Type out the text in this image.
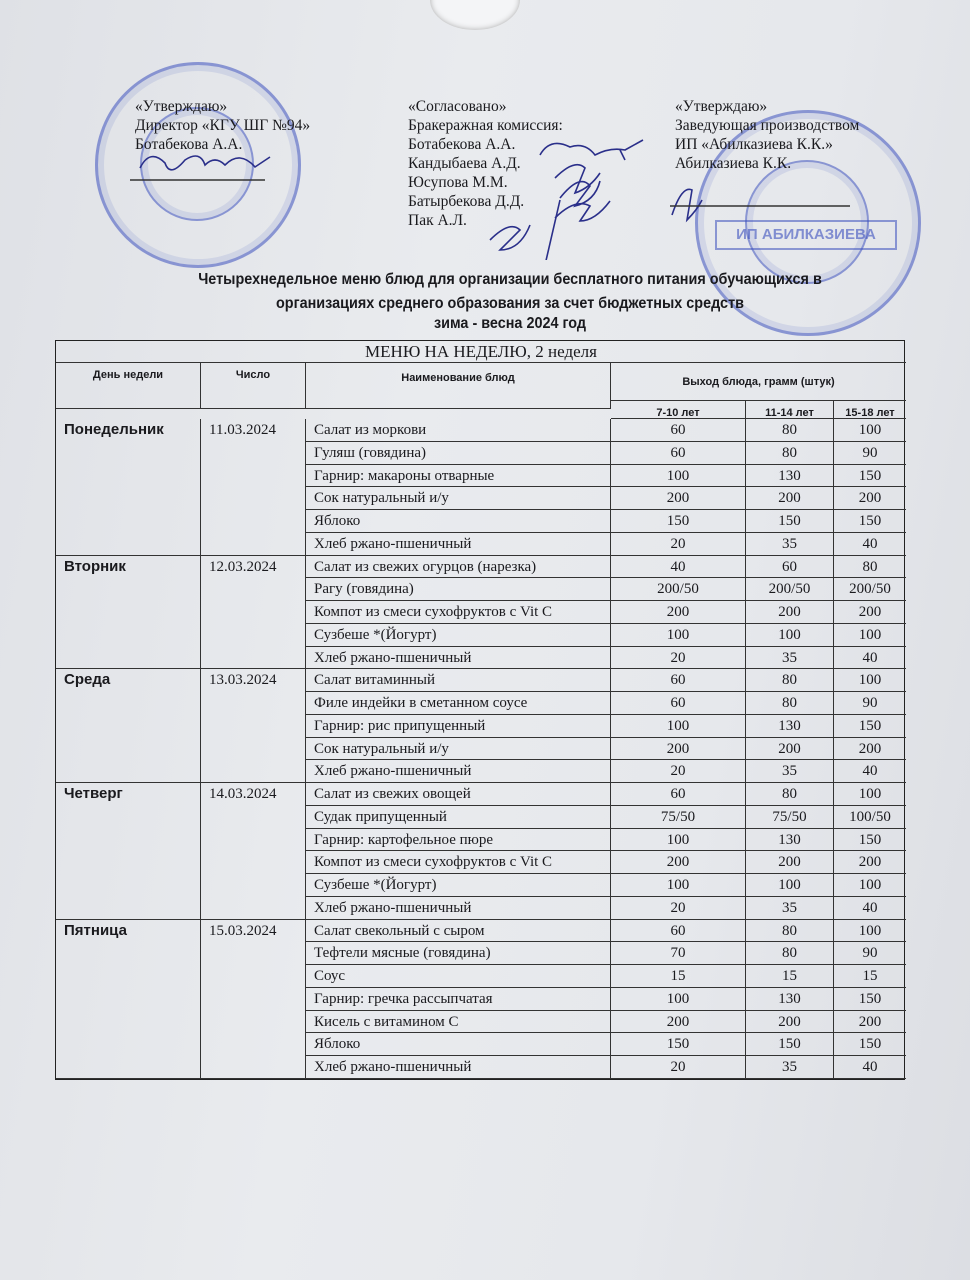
ИП АБИЛКАЗИЕВА
«Утверждаю»
Директор «КГУ ШГ №94»
Ботабекова А.А.
«Согласовано»
Бракеражная комиссия:
Ботабекова А.А.
Кандыбаева А.Д.
Юсупова М.М.
Батырбекова Д.Д.
Пак А.Л.
«Утверждаю»
Заведующая производством
ИП «Абилказиева К.К.»
Абилказиева К.К.
Четырехнедельное меню блюд для организации бесплатного питания обучающихся в
организациях среднего образования за счет бюджетных средств
зима - весна 2024 год
МЕНЮ НА НЕДЕЛЮ, 2 неделя
День недели	Число	Наименование блюд	Выход блюда, грамм (штук)
7-10 лет	11-14 лет	15-18 лет
Понедельник	11.03.2024	Салат из моркови	60	80	100
Гуляш (говядина)	60	80	90
Гарнир: макароны отварные	100	130	150
Сок натуральный и/у	200	200	200
Яблоко	150	150	150
Хлеб ржано-пшеничный	20	35	40
Вторник	12.03.2024	Салат из свежих огурцов (нарезка)	40	60	80
Рагу (говядина)	200/50	200/50	200/50
Компот из смеси сухофруктов с Vit C	200	200	200
Сузбеше *(Йогурт)	100	100	100
Хлеб ржано-пшеничный	20	35	40
Среда	13.03.2024	Салат витаминный	60	80	100
Филе индейки в сметанном соусе	60	80	90
Гарнир: рис припущенный	100	130	150
Сок натуральный и/у	200	200	200
Хлеб ржано-пшеничный	20	35	40
Четверг	14.03.2024	Салат из свежих овощей	60	80	100
Судак припущенный	75/50	75/50	100/50
Гарнир: картофельное пюре	100	130	150
Компот из смеси сухофруктов с Vit C	200	200	200
Сузбеше *(Йогурт)	100	100	100
Хлеб ржано-пшеничный	20	35	40
Пятница	15.03.2024	Салат свекольный с сыром	60	80	100
Тефтели мясные (говядина)	70	80	90
Соус	15	15	15
Гарнир: гречка рассыпчатая	100	130	150
Кисель с витамином С	200	200	200
Яблоко	150	150	150
Хлеб ржано-пшеничный	20	35	40
